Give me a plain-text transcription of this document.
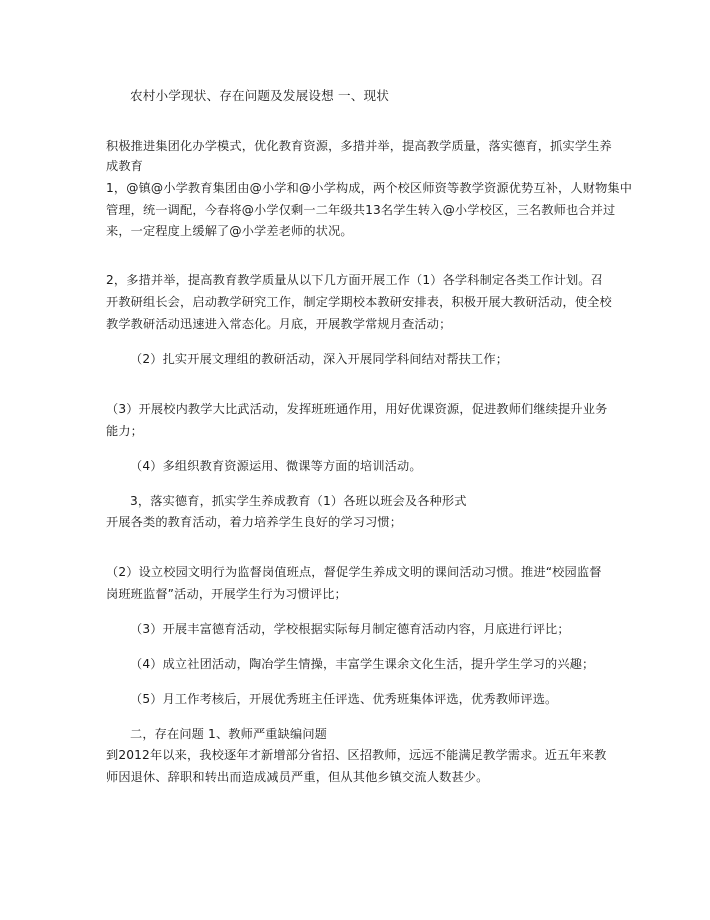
农村小学现状、存在问题及发展设想 一、现状
积极推进集团化办学模式，优化教育资源，多措并举，提高教学质量，落实德育，抓实学生养
成教育
1，@镇@小学教育集团由@小学和@小学构成，两个校区师资等教学资源优势互补，人财物集中
管理，统一调配，今春将@小学仅剩一二年级共13名学生转入@小学校区，三名教师也合并过
来，一定程度上缓解了@小学差老师的状况。
2，多措并举，提高教育教学质量从以下几方面开展工作（1）各学科制定各类工作计划。召
开教研组长会，启动教学研究工作，制定学期校本教研安排表，积极开展大教研活动，使全校
教学教研活动迅速进入常态化。月底，开展教学常规月查活动；
（2）扎实开展文理组的教研活动，深入开展同学科间结对帮扶工作；
（3）开展校内教学大比武活动，发挥班班通作用，用好优课资源，促进教师们继续提升业务
能力；
（4）多组织教育资源运用、微课等方面的培训活动。
3，落实德育，抓实学生养成教育（1）各班以班会及各种形式
开展各类的教育活动，着力培养学生良好的学习习惯；
（2）设立校园文明行为监督岗值班点，督促学生养成文明的课间活动习惯。推进“校园监督
岗班班监督”活动，开展学生行为习惯评比；
（3）开展丰富德育活动，学校根据实际每月制定德育活动内容，月底进行评比；
（4）成立社团活动，陶冶学生情操，丰富学生课余文化生活，提升学生学习的兴趣；
（5）月工作考核后，开展优秀班主任评选、优秀班集体评选，优秀教师评选。
二，存在问题 1、教师严重缺编问题
到2012年以来，我校逐年才新增部分省招、区招教师，远远不能满足教学需求。近五年来教
师因退休、辞职和转出而造成减员严重，但从其他乡镇交流人数甚少。
